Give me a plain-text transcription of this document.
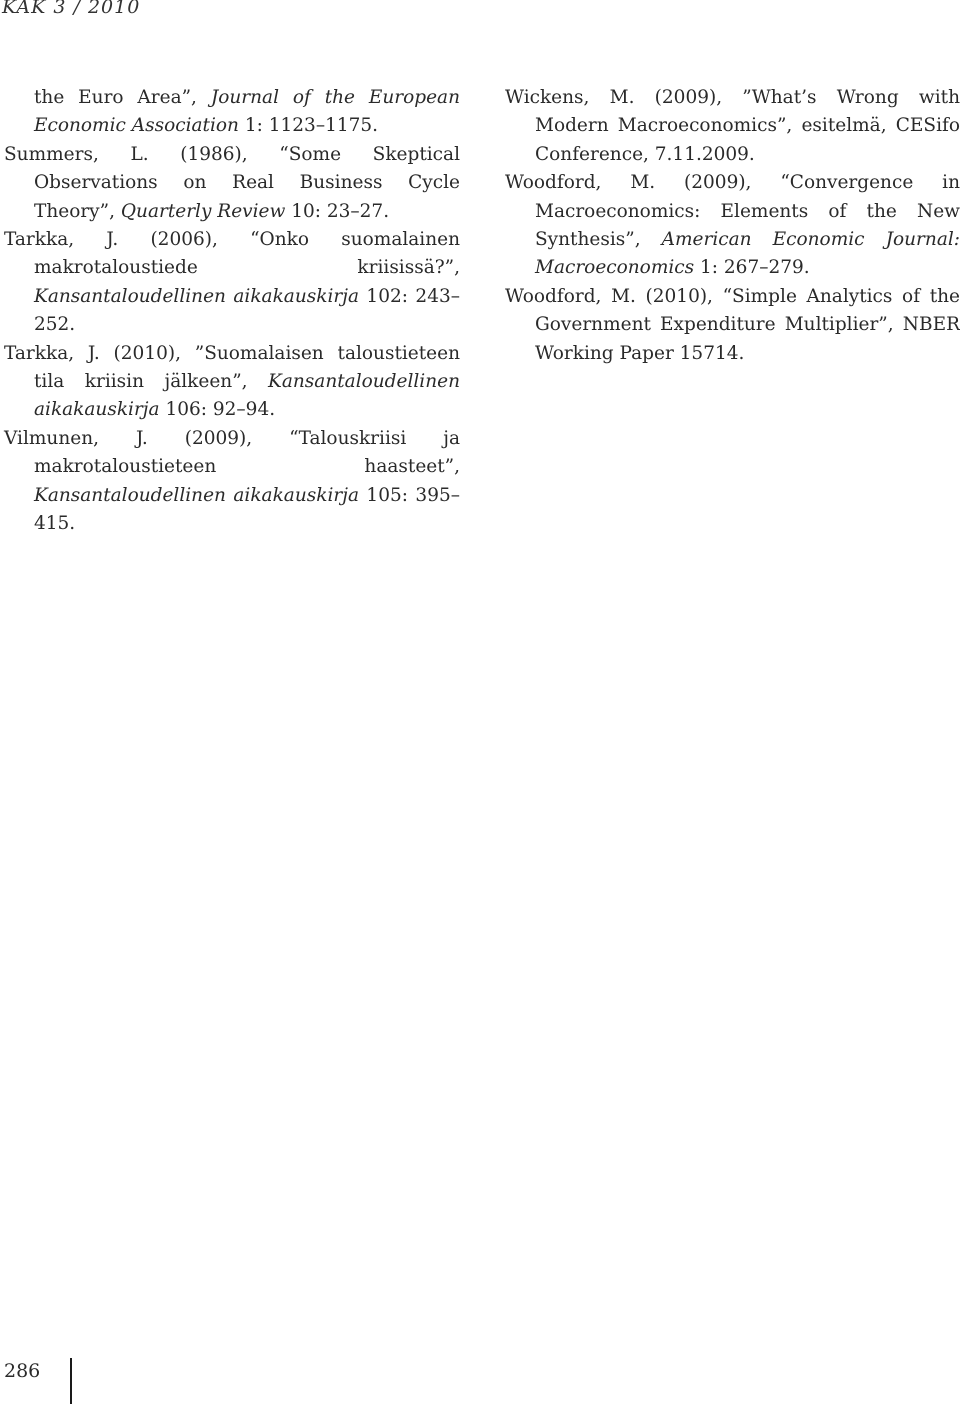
KAK 3 / 2010

the Euro Area”, Journal of the European Economic Association 1: 1123–1175.

Summers, L. (1986), “Some Skeptical Observations on Real Business Cycle Theory”, Quarterly Review 10: 23–27.

Tarkka, J. (2006), “Onko suomalainen makrotaloustiede kriisissä?”, Kansantaloudellinen aikakauskirja 102: 243–252.

Tarkka, J. (2010), ”Suomalaisen taloustieteen tila kriisin jälkeen”, Kansantaloudellinen aikakauskirja 106: 92–94.

Vilmunen, J. (2009), “Talouskriisi ja makrotaloustieteen haasteet”, Kansantaloudellinen aikakauskirja 105: 395–415.

Wickens, M. (2009), ”What’s Wrong with Modern Macroeconomics”, esitelmä, CESifo Conference, 7.11.2009.

Woodford, M. (2009), “Convergence in Macroeconomics: Elements of the New Synthesis”, American Economic Journal: Macroeconomics 1: 267–279.

Woodford, M. (2010), “Simple Analytics of the Government Expenditure Multiplier”, NBER Working Paper 15714.

286
